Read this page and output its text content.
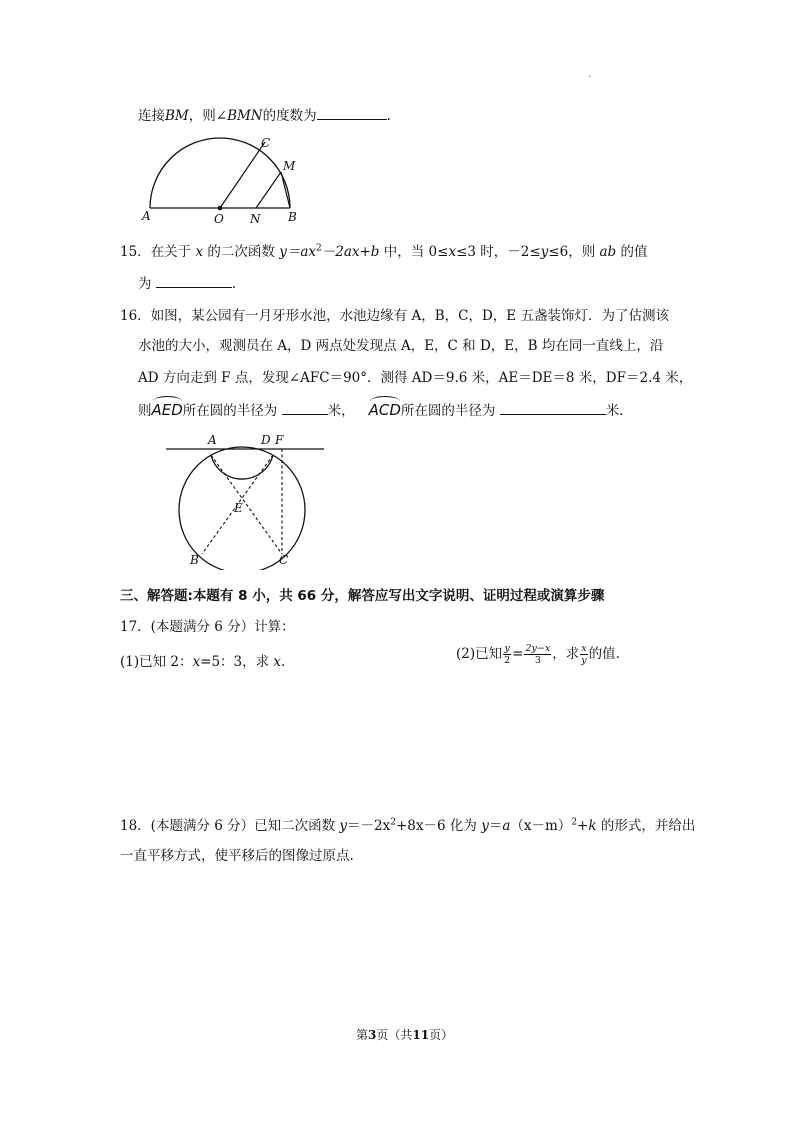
·
连接BM，则∠BMN的度数为	.
A	O N B
C
M
15．在关于 x 的二次函数 $y=ax^2-2ax+b$ 中，当 0≤x≤3 时，－2≤y≤6，则 ab 的值
为	.
16．如图，某公园有一月牙形水池，水池边缘有 A，B，C，D，E 五盏装饰灯．为了估测该
水池的大小，观测员在 A，D 两点处发现点 A，E，C 和 D，E，B 均在同一直线上，沿
AD 方向走到 F 点，发现∠AFC＝90°．测得 AD＝9.6 米，AE＝DE＝8 米，DF＝2.4 米，
则AED所在圆的半径为	米， ACD所在圆的半径为	米.
A	D F
E
B	C
三、解答题:本題有 8 小，共 66 分，解答应写出文字说明、证明过程或演算步骤
17．(本题满分 6 分）计算：
(1)已知 2：x=5：3，求 x.	(2)已知 $\frac{y}{2} = \frac{2y-x}{3}$ ，求 $\frac{x}{y}$ 的值.
18．(本题满分 6 分）已知二次函数 $y=-2x^2+8x-6$ 化为 $y=a(x-m)^2+k$ 的形式，并给出
一直平移方式，使平移后的图像过原点.
第3页（共11页）
